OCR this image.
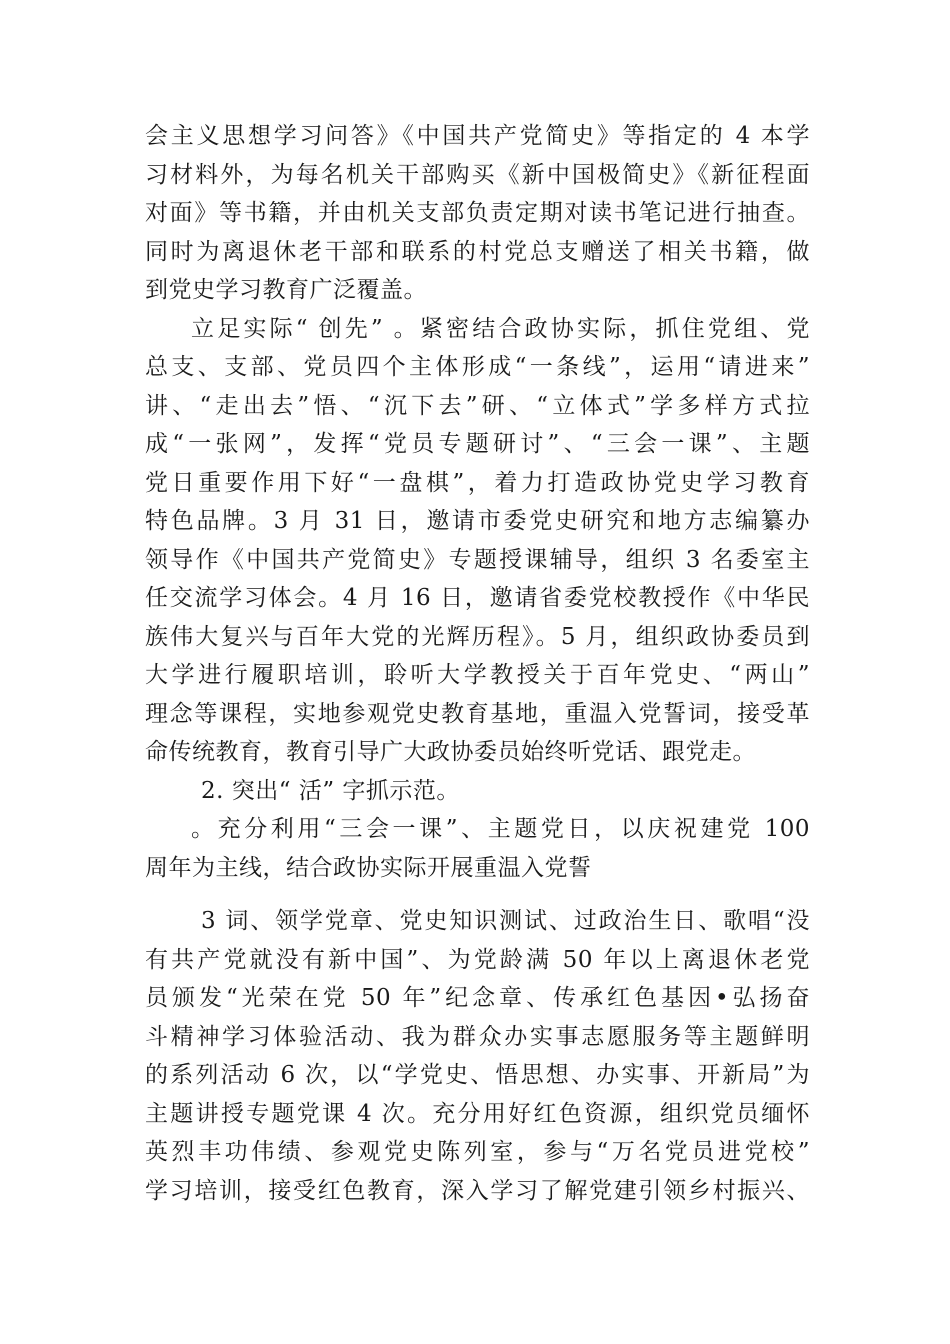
会主义思想学习问答》《中国共产党简史》等指定的 4 本学
习材料外，为每名机关干部购买《新中国极简史》《新征程面
对面》等书籍，并由机关支部负责定期对读书笔记进行抽查。
同时为离退休老干部和联系的村党总支赠送了相关书籍，做
到党史学习教育广泛覆盖。
立足实际“ 创先” 。紧密结合政协实际，抓住党组、党
总支、支部、党员四个主体形成“一条线”，运用“请进来”
讲、“走出去”悟、“沉下去”研、“立体式”学多样方式拉
成“一张网”，发挥“党员专题研讨”、“三会一课”、主题
党日重要作用下好“一盘棋”，着力打造政协党史学习教育
特色品牌。3 月 31 日，邀请市委党史研究和地方志编纂办
领导作《中国共产党简史》专题授课辅导，组织 3 名委室主
任交流学习体会。4 月 16 日，邀请省委党校教授作《中华民
族伟大复兴与百年大党的光辉历程》。5 月，组织政协委员到
大学进行履职培训，聆听大学教授关于百年党史、“两山”
理念等课程，实地参观党史教育基地，重温入党誓词，接受革
命传统教育，教育引导广大政协委员始终听党话、跟党走。
2. 突出“ 活” 字抓示范。
。充分利用“三会一课”、主题党日，以庆祝建党 100
周年为主线，结合政协实际开展重温入党誓
3 词、领学党章、党史知识测试、过政治生日、歌唱“没
有共产党就没有新中国”、为党龄满 50 年以上离退休老党
员颁发“光荣在党 50 年”纪念章、传承红色基因•弘扬奋
斗精神学习体验活动、我为群众办实事志愿服务等主题鲜明
的系列活动 6 次，以“学党史、悟思想、办实事、开新局”为
主题讲授专题党课 4 次。充分用好红色资源，组织党员缅怀
英烈丰功伟绩、参观党史陈列室，参与“万名党员进党校”
学习培训，接受红色教育，深入学习了解党建引领乡村振兴、
